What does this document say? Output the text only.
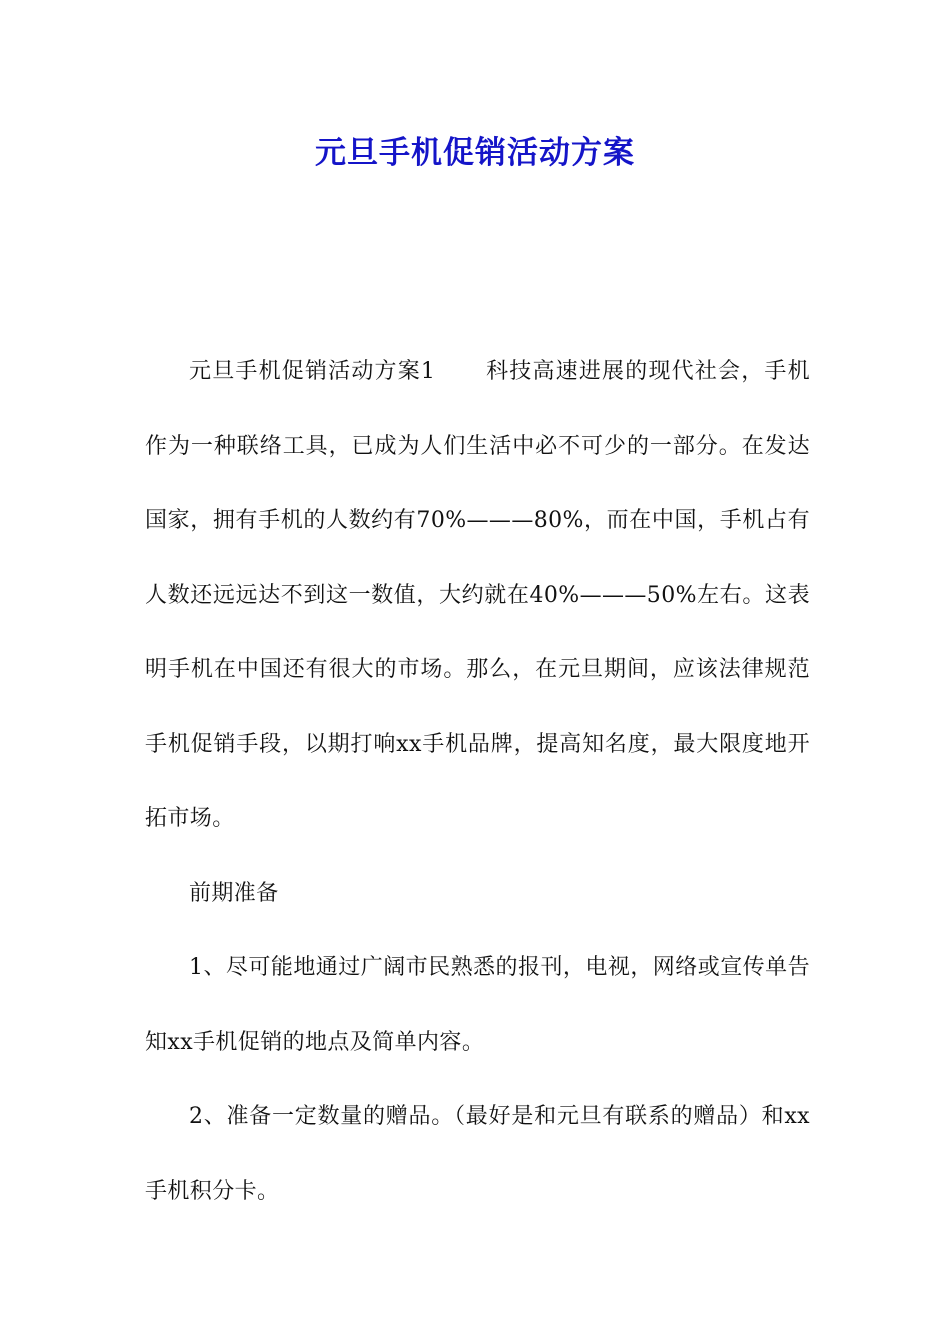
元旦手机促销活动方案

元旦手机促销活动方案1 科技高速进展的现代社会，手机作为一种联络工具，已成为人们生活中必不可少的一部分。在发达国家，拥有手机的人数约有70%———80%，而在中国，手机占有人数还远远达不到这一数值，大约就在40%———50%左右。这表明手机在中国还有很大的市场。那么，在元旦期间，应该法律规范手机促销手段，以期打响xx手机品牌，提高知名度，最大限度地开拓市场。

前期准备

1、尽可能地通过广阔市民熟悉的报刊，电视，网络或宣传单告知xx手机促销的地点及简单内容。

2、准备一定数量的赠品。（最好是和元旦有联系的赠品）和xx手机积分卡。
